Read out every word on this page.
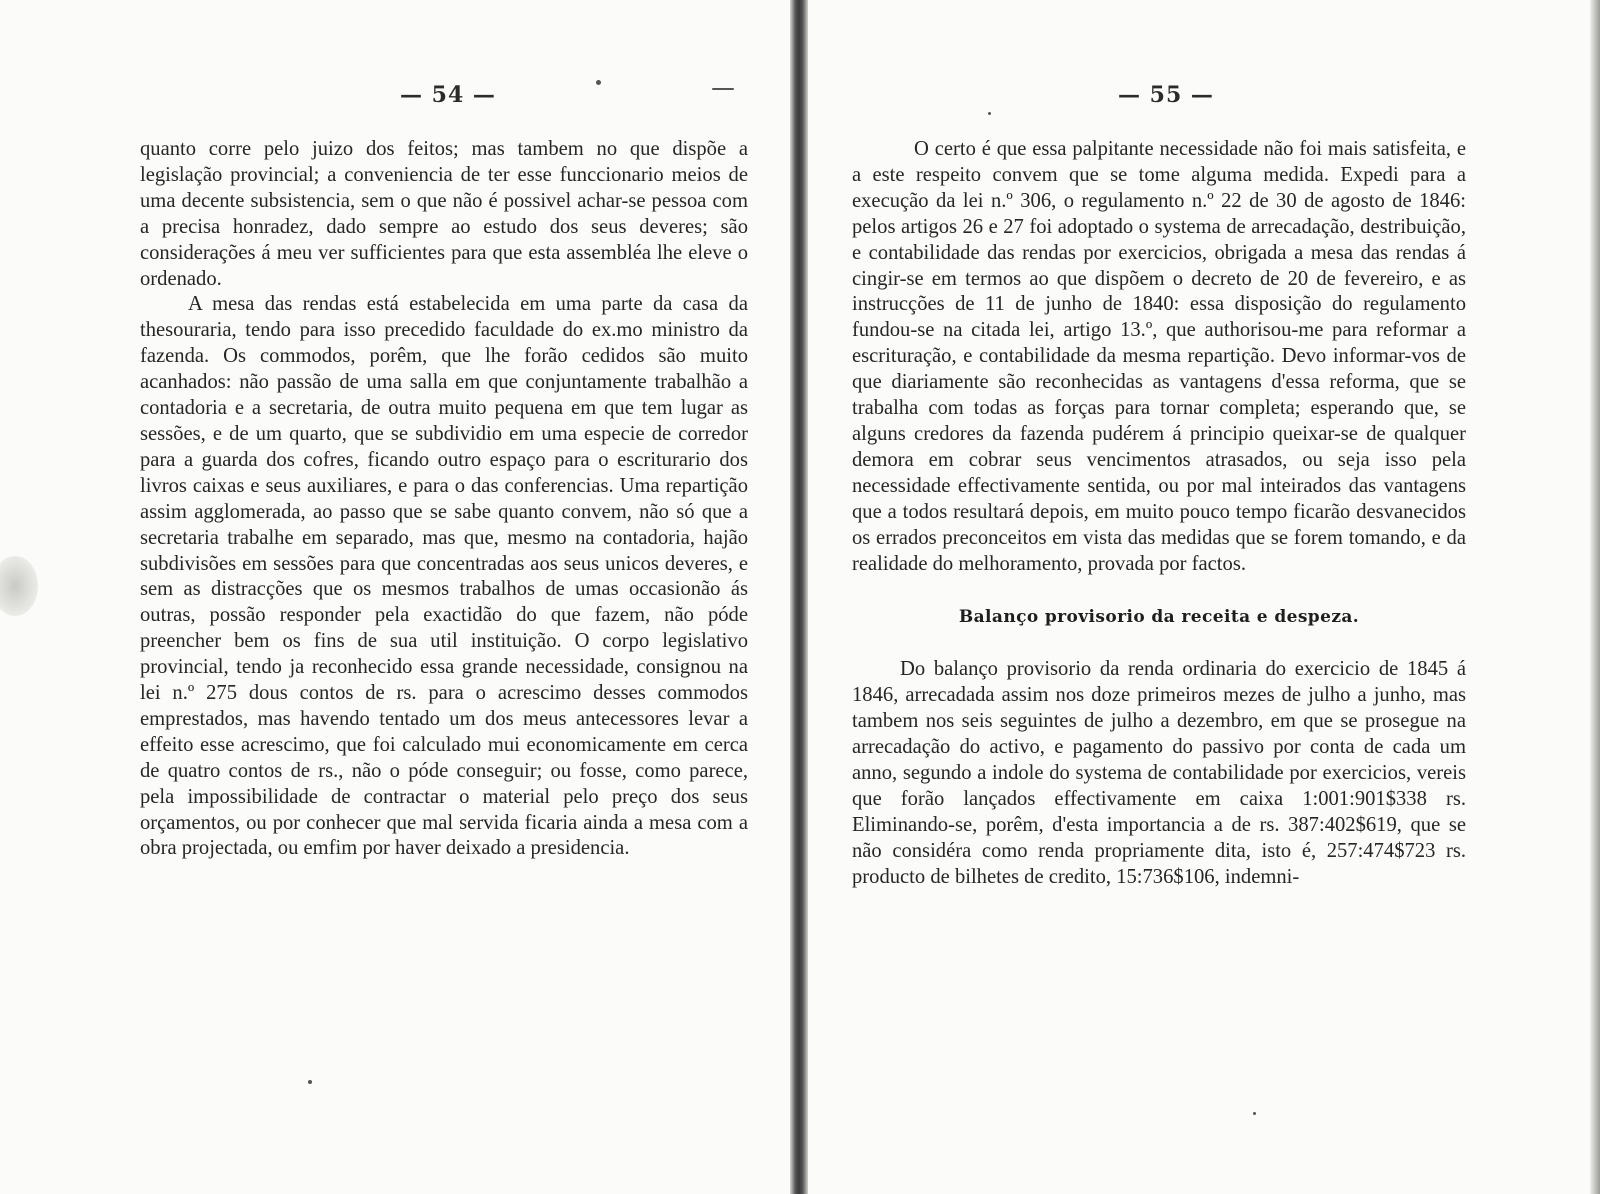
— 54 —

quanto corre pelo juizo dos feitos; mas tambem no que dispõe a legislação provincial; a conveniencia de ter esse funccionario meios de uma decente subsistencia, sem o que não é possivel achar-se pessoa com a precisa honradez, dado sempre ao estudo dos seus deveres; são considerações á meu ver sufficientes para que esta assembléa lhe eleve o ordenado.

A mesa das rendas está estabelecida em uma parte da casa da thesouraria, tendo para isso precedido faculdade do ex.mo ministro da fazenda. Os commodos, porêm, que lhe forão cedidos são muito acanhados: não passão de uma salla em que conjuntamente trabalhão a contadoria e a secretaria, de outra muito pequena em que tem lugar as sessões, e de um quarto, que se subdividio em uma especie de corredor para a guarda dos cofres, ficando outro espaço para o escriturario dos livros caixas e seus auxiliares, e para o das conferencias. Uma repartição assim agglomerada, ao passo que se sabe quanto convem, não só que a secretaria trabalhe em separado, mas que, mesmo na contadoria, hajão subdivisões em sessões para que concentradas aos seus unicos deveres, e sem as distracções que os mesmos trabalhos de umas occasionão ás outras, possão responder pela exactidão do que fazem, não póde preencher bem os fins de sua util instituição. O corpo legislativo provincial, tendo ja reconhecido essa grande necessidade, consignou na lei n.º 275 dous contos de rs. para o acrescimo desses commodos emprestados, mas havendo tentado um dos meus antecessores levar a effeito esse acrescimo, que foi calculado mui economicamente em cerca de quatro contos de rs., não o póde conseguir; ou fosse, como parece, pela impossibilidade de contractar o material pelo preço dos seus orçamentos, ou por conhecer que mal servida ficaria ainda a mesa com a obra projectada, ou emfim por haver deixado a presidencia.

— 55 —

O certo é que essa palpitante necessidade não foi mais satisfeita, e a este respeito convem que se tome alguma medida. Expedi para a execução da lei n.º 306, o regulamento n.º 22 de 30 de agosto de 1846: pelos artigos 26 e 27 foi adoptado o systema de arrecadação, destribuição, e contabilidade das rendas por exercicios, obrigada a mesa das rendas á cingir-se em termos ao que dispõem o decreto de 20 de fevereiro, e as instrucções de 11 de junho de 1840: essa disposição do regulamento fundou-se na citada lei, artigo 13.º, que authorisou-me para reformar a escrituração, e contabilidade da mesma repartição. Devo informar-vos de que diariamente são reconhecidas as vantagens d'essa reforma, que se trabalha com todas as forças para tornar completa; esperando que, se alguns credores da fazenda pudérem á principio queixar-se de qualquer demora em cobrar seus vencimentos atrasados, ou seja isso pela necessidade effectivamente sentida, ou por mal inteirados das vantagens que a todos resultará depois, em muito pouco tempo ficarão desvanecidos os errados preconceitos em vista das medidas que se forem tomando, e da realidade do melhoramento, provada por factos.

Balanço provisorio da receita e despeza.

Do balanço provisorio da renda ordinaria do exercicio de 1845 á 1846, arrecadada assim nos doze primeiros mezes de julho a junho, mas tambem nos seis seguintes de julho a dezembro, em que se prosegue na arrecadação do activo, e pagamento do passivo por conta de cada um anno, segundo a indole do systema de contabilidade por exercicios, vereis que forão lançados effectivamente em caixa 1:001:901$338 rs. Eliminando-se, porêm, d'esta importancia a de rs. 387:402$619, que se não considéra como renda propriamente dita, isto é, 257:474$723 rs. producto de bilhetes de credito, 15:736$106, indemni-
